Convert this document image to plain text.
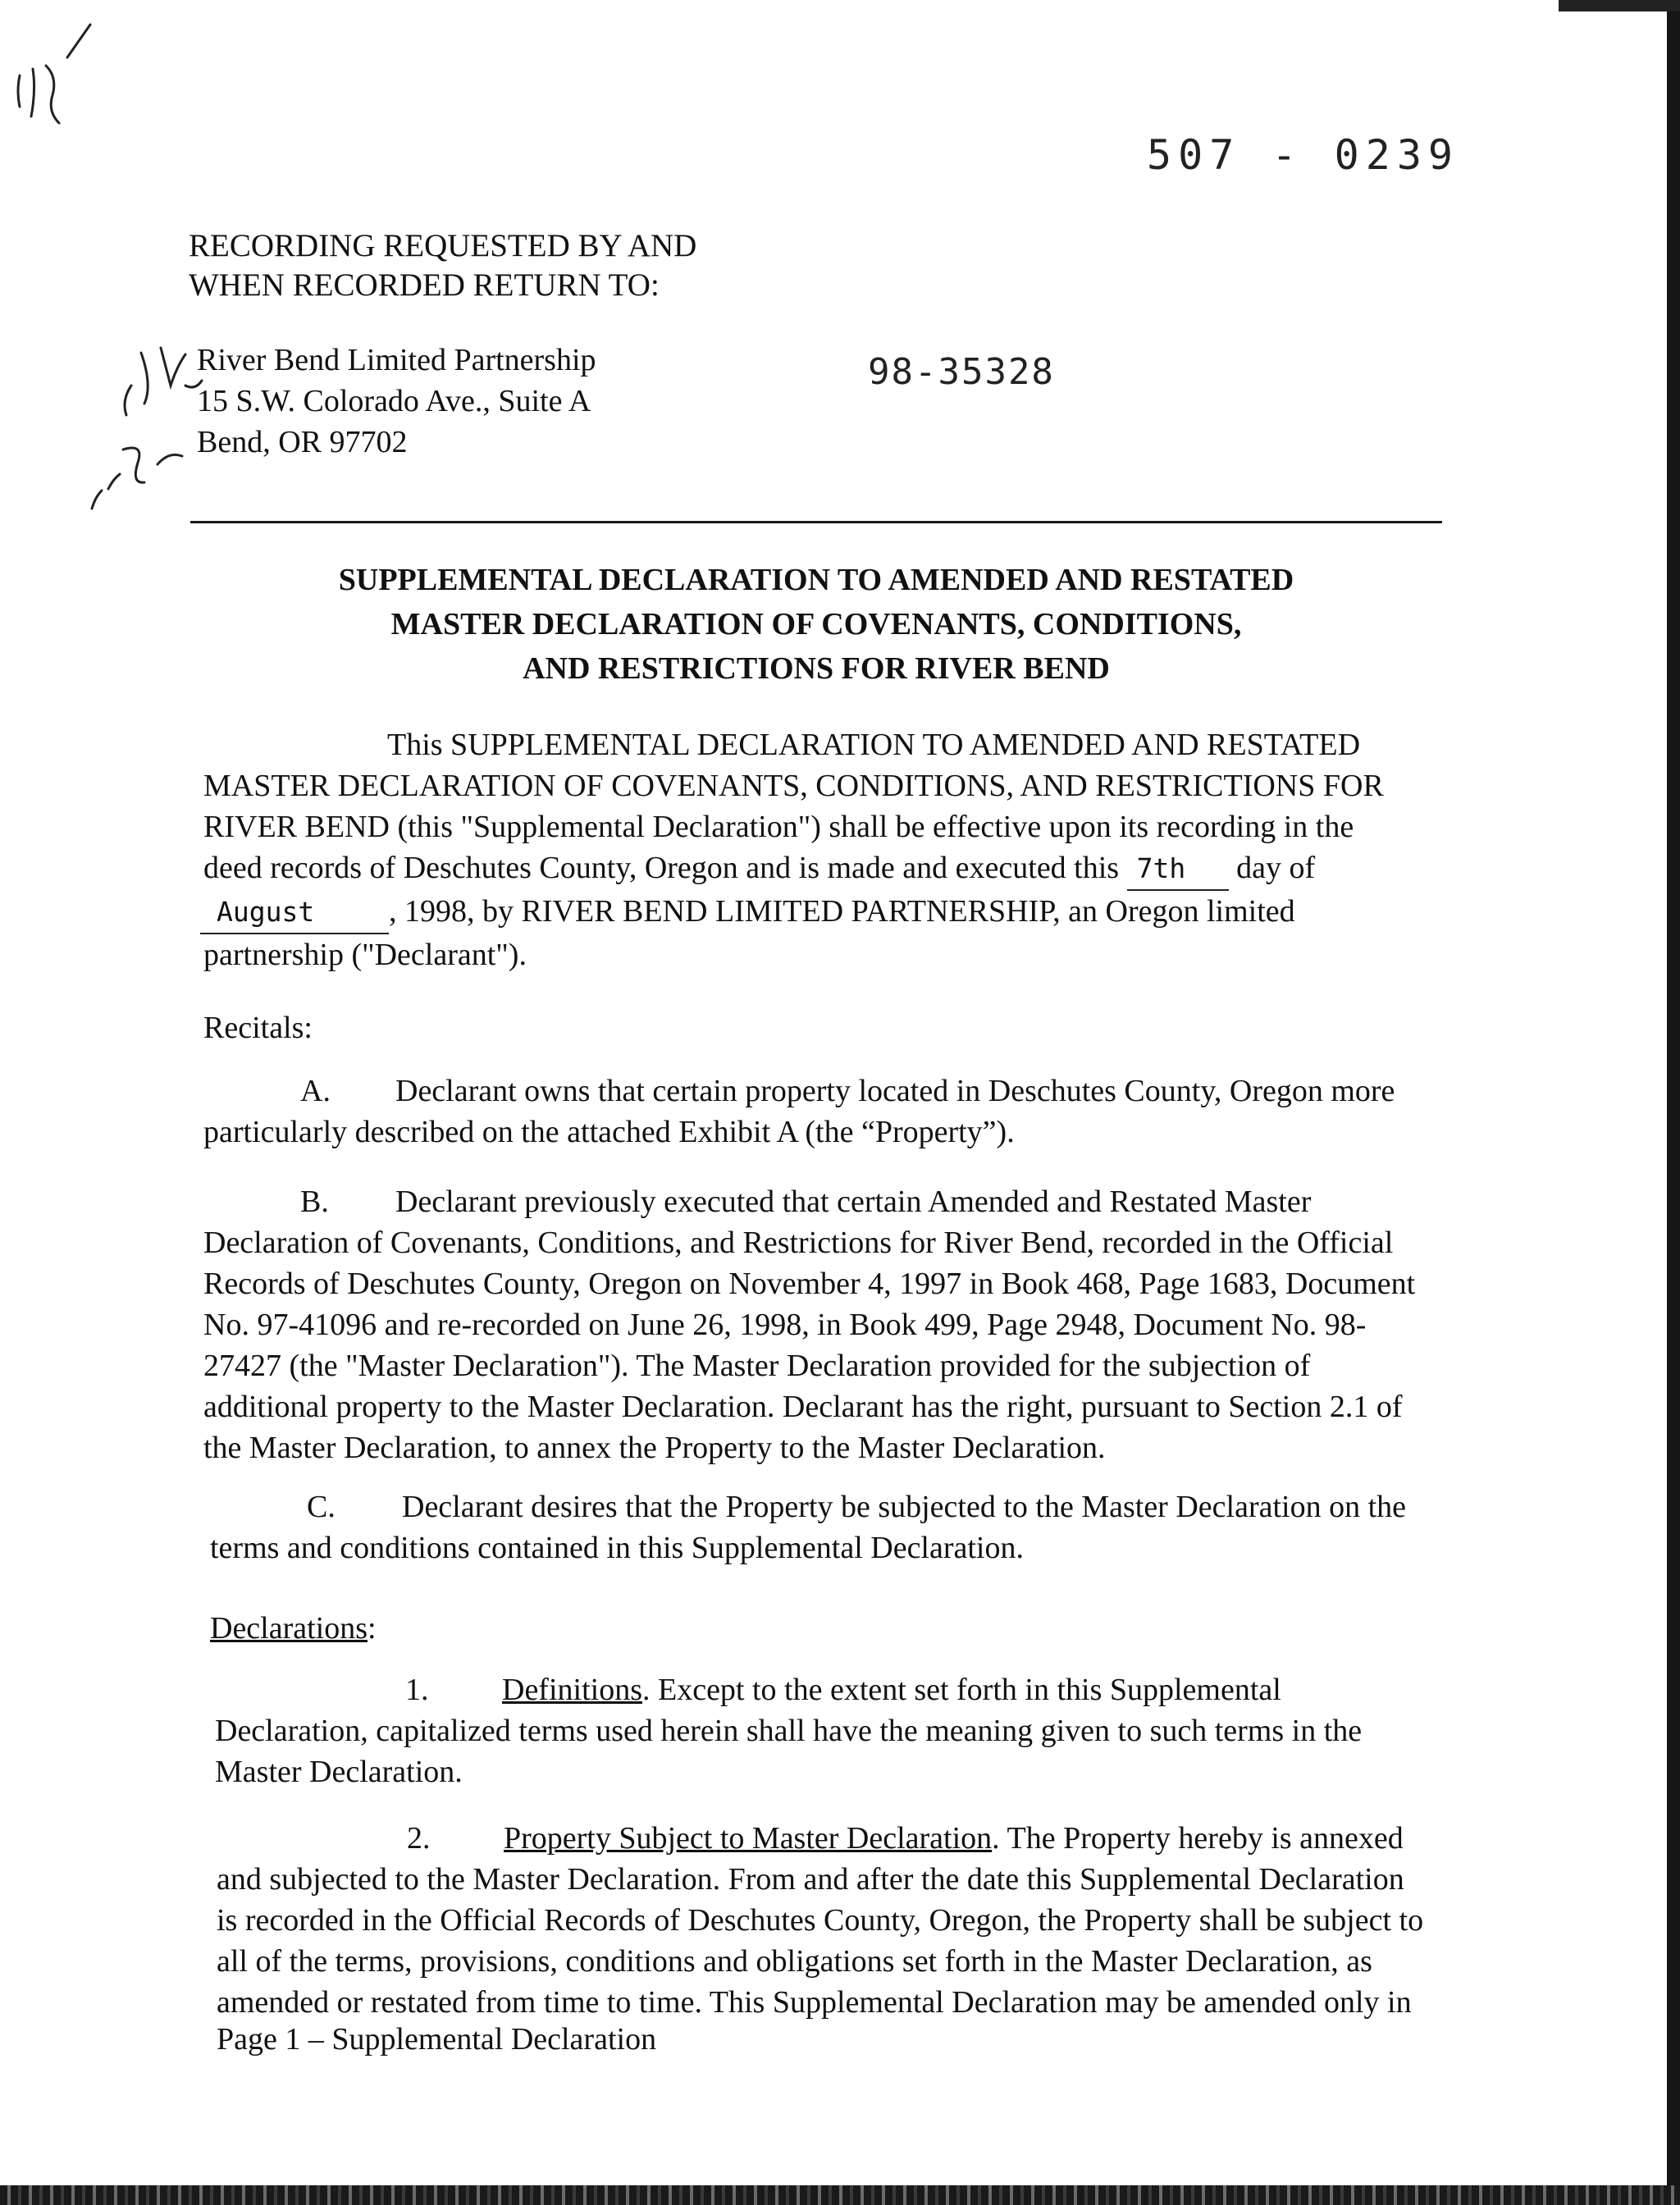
507 - 0239
RECORDING REQUESTED BY AND
WHEN RECORDED RETURN TO:
River Bend Limited Partnership
15 S.W. Colorado Ave., Suite A
Bend, OR 97702
98-35328
SUPPLEMENTAL DECLARATION TO AMENDED AND RESTATED
MASTER DECLARATION OF COVENANTS, CONDITIONS,
AND RESTRICTIONS FOR RIVER BEND
This SUPPLEMENTAL DECLARATION TO AMENDED AND RESTATED
MASTER DECLARATION OF COVENANTS, CONDITIONS, AND RESTRICTIONS FOR
RIVER BEND (this "Supplemental Declaration") shall be effective upon its recording in the
deed records of Deschutes County, Oregon and is made and executed this 7th day of
August , 1998, by RIVER BEND LIMITED PARTNERSHIP, an Oregon limited
partnership ("Declarant").
Recitals:
A. Declarant owns that certain property located in Deschutes County, Oregon more
particularly described on the attached Exhibit A (the “Property”).
B. Declarant previously executed that certain Amended and Restated Master
Declaration of Covenants, Conditions, and Restrictions for River Bend, recorded in the Official
Records of Deschutes County, Oregon on November 4, 1997 in Book 468, Page 1683, Document
No. 97-41096 and re-recorded on June 26, 1998, in Book 499, Page 2948, Document No. 98-
27427 (the "Master Declaration"). The Master Declaration provided for the subjection of
additional property to the Master Declaration. Declarant has the right, pursuant to Section 2.1 of
the Master Declaration, to annex the Property to the Master Declaration.
C. Declarant desires that the Property be subjected to the Master Declaration on the
terms and conditions contained in this Supplemental Declaration.
Declarations:
1. Definitions. Except to the extent set forth in this Supplemental
Declaration, capitalized terms used herein shall have the meaning given to such terms in the
Master Declaration.
2. Property Subject to Master Declaration. The Property hereby is annexed
and subjected to the Master Declaration. From and after the date this Supplemental Declaration
is recorded in the Official Records of Deschutes County, Oregon, the Property shall be subject to
all of the terms, provisions, conditions and obligations set forth in the Master Declaration, as
amended or restated from time to time. This Supplemental Declaration may be amended only in
Page 1 – Supplemental Declaration
